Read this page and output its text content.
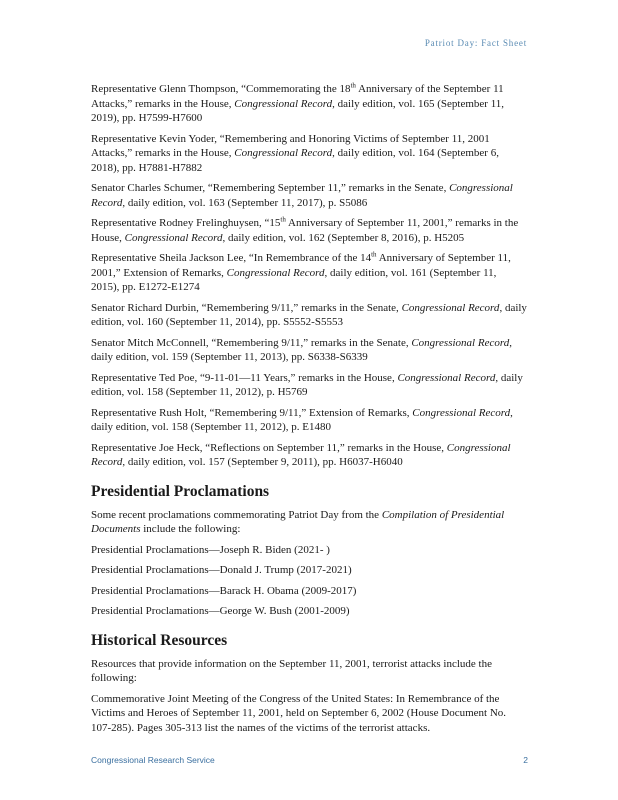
Patriot Day: Fact Sheet

Representative Glenn Thompson, “Commemorating the 18th Anniversary of the September 11 Attacks,” remarks in the House, Congressional Record, daily edition, vol. 165 (September 11, 2019), pp. H7599-H7600

Representative Kevin Yoder, “Remembering and Honoring Victims of September 11, 2001 Attacks,” remarks in the House, Congressional Record, daily edition, vol. 164 (September 6, 2018), pp. H7881-H7882

Senator Charles Schumer, “Remembering September 11,” remarks in the Senate, Congressional Record, daily edition, vol. 163 (September 11, 2017), p. S5086

Representative Rodney Frelinghuysen, “15th Anniversary of September 11, 2001,” remarks in the House, Congressional Record, daily edition, vol. 162 (September 8, 2016), p. H5205

Representative Sheila Jackson Lee, “In Remembrance of the 14th Anniversary of September 11, 2001,” Extension of Remarks, Congressional Record, daily edition, vol. 161 (September 11, 2015), pp. E1272-E1274

Senator Richard Durbin, “Remembering 9/11,” remarks in the Senate, Congressional Record, daily edition, vol. 160 (September 11, 2014), pp. S5552-S5553

Senator Mitch McConnell, “Remembering 9/11,” remarks in the Senate, Congressional Record, daily edition, vol. 159 (September 11, 2013), pp. S6338-S6339

Representative Ted Poe, “9-11-01—11 Years,” remarks in the House, Congressional Record, daily edition, vol. 158 (September 11, 2012), p. H5769

Representative Rush Holt, “Remembering 9/11,” Extension of Remarks, Congressional Record, daily edition, vol. 158 (September 11, 2012), p. E1480

Representative Joe Heck, “Reflections on September 11,” remarks in the House, Congressional Record, daily edition, vol. 157 (September 9, 2011), pp. H6037-H6040

Presidential Proclamations

Some recent proclamations commemorating Patriot Day from the Compilation of Presidential Documents include the following:

Presidential Proclamations—Joseph R. Biden (2021- )

Presidential Proclamations—Donald J. Trump (2017-2021)

Presidential Proclamations—Barack H. Obama (2009-2017)

Presidential Proclamations—George W. Bush (2001-2009)

Historical Resources

Resources that provide information on the September 11, 2001, terrorist attacks include the following:

Commemorative Joint Meeting of the Congress of the United States: In Remembrance of the Victims and Heroes of September 11, 2001, held on September 6, 2002 (House Document No. 107-285). Pages 305-313 list the names of the victims of the terrorist attacks.

Congressional Research Service	2
